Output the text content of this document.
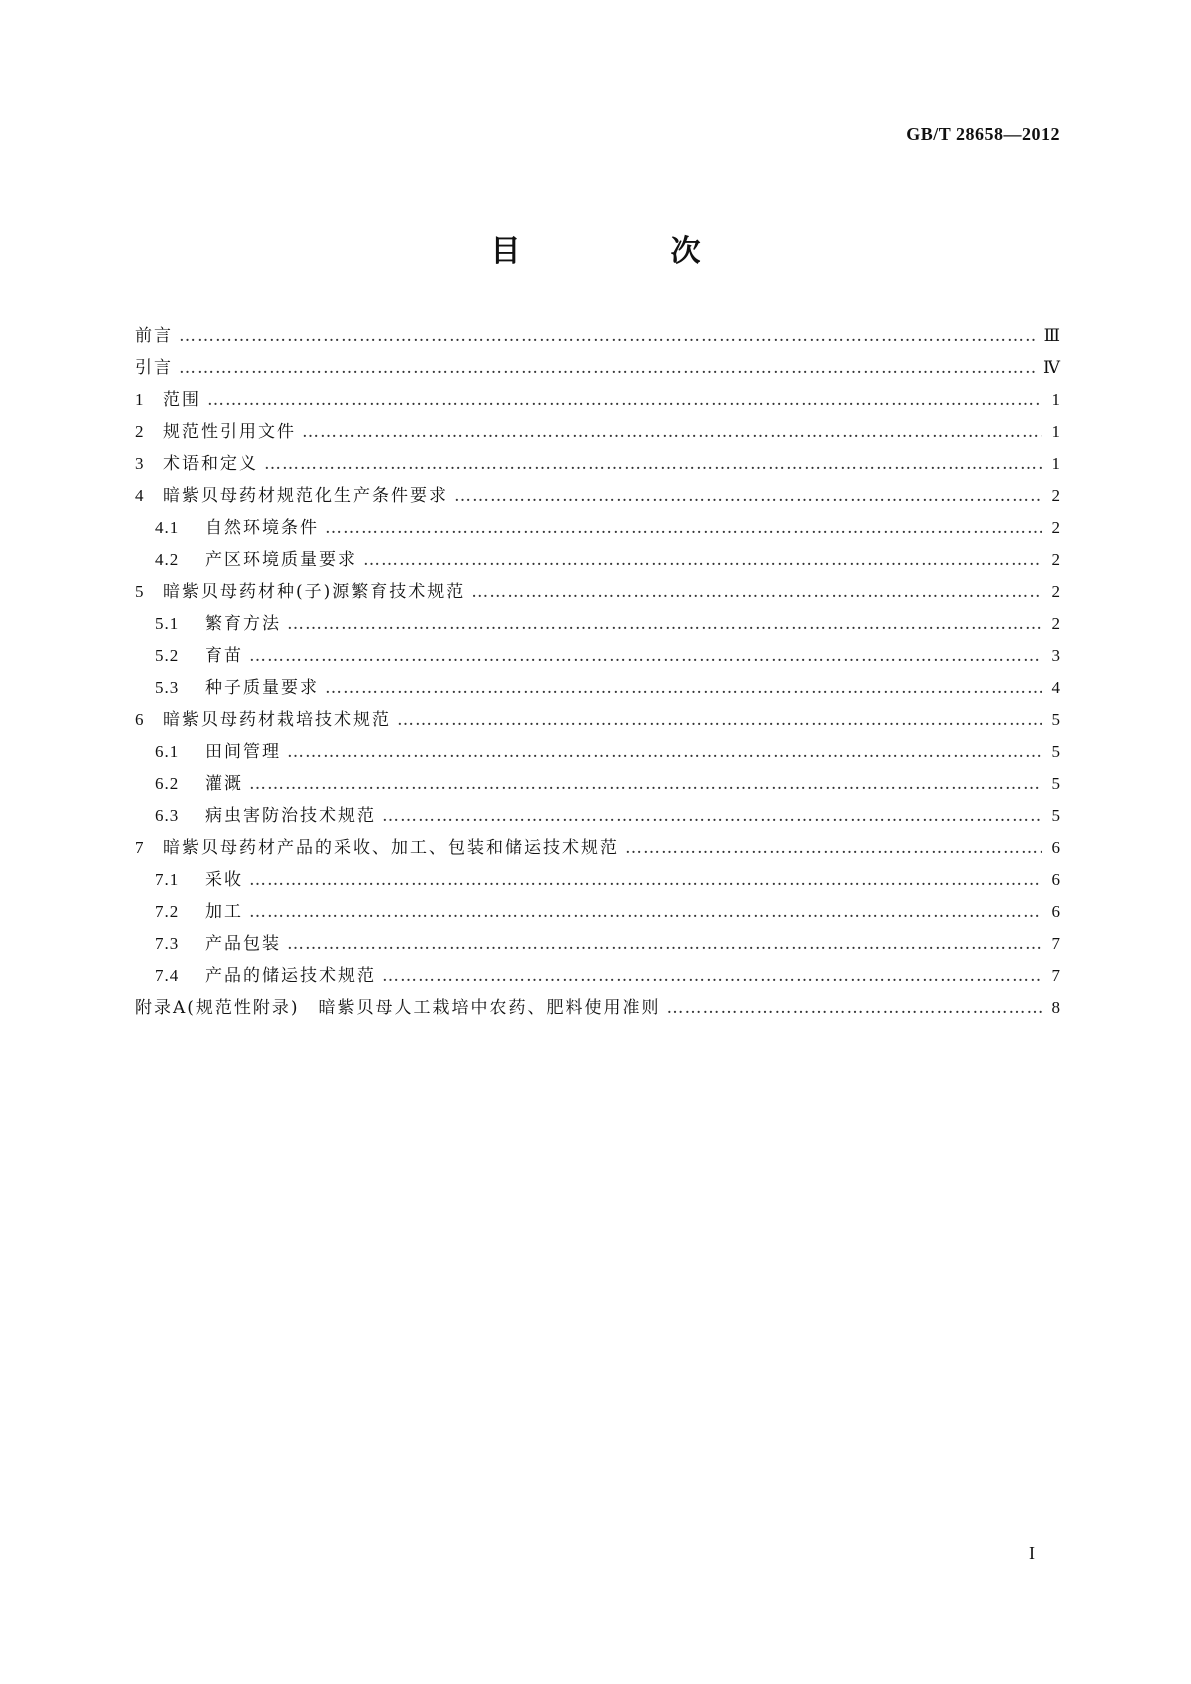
GB/T 28658—2012
目　次
前言 ……………………………………………………………………………………………………………………………………………………………………………………………………	Ⅲ
引言 ……………………………………………………………………………………………………………………………………………………………………………………………………	Ⅳ
1	范围 ……………………………………………………………………………………………………………………………………………………………………………………………………	1
2	规范性引用文件 ……………………………………………………………………………………………………………………………………………………………………………………………………	1
3	术语和定义 ……………………………………………………………………………………………………………………………………………………………………………………………………	1
4	暗紫贝母药材规范化生产条件要求 ……………………………………………………………………………………………………………………………………………………………………………………………………	2
4.1	自然环境条件 ……………………………………………………………………………………………………………………………………………………………………………………………………	2
4.2	产区环境质量要求 ……………………………………………………………………………………………………………………………………………………………………………………………………	2
5	暗紫贝母药材种(子)源繁育技术规范 ……………………………………………………………………………………………………………………………………………………………………………………………………	2
5.1	繁育方法 ……………………………………………………………………………………………………………………………………………………………………………………………………	2
5.2	育苗 ……………………………………………………………………………………………………………………………………………………………………………………………………	3
5.3	种子质量要求 ……………………………………………………………………………………………………………………………………………………………………………………………………	4
6	暗紫贝母药材栽培技术规范 ……………………………………………………………………………………………………………………………………………………………………………………………………	5
6.1	田间管理 ……………………………………………………………………………………………………………………………………………………………………………………………………	5
6.2	灌溉 ……………………………………………………………………………………………………………………………………………………………………………………………………	5
6.3	病虫害防治技术规范 ……………………………………………………………………………………………………………………………………………………………………………………………………	5
7	暗紫贝母药材产品的采收、加工、包装和储运技术规范 ……………………………………………………………………………………………………………………………………………………………………………………………………	6
7.1	采收 ……………………………………………………………………………………………………………………………………………………………………………………………………	6
7.2	加工 ……………………………………………………………………………………………………………………………………………………………………………………………………	6
7.3	产品包装 ……………………………………………………………………………………………………………………………………………………………………………………………………	7
7.4	产品的储运技术规范 ……………………………………………………………………………………………………………………………………………………………………………………………………	7
附录A(规范性附录)　暗紫贝母人工栽培中农药、肥料使用准则 ……………………………………………………………………………………………………………………………………………………………………………………………………	8
I
